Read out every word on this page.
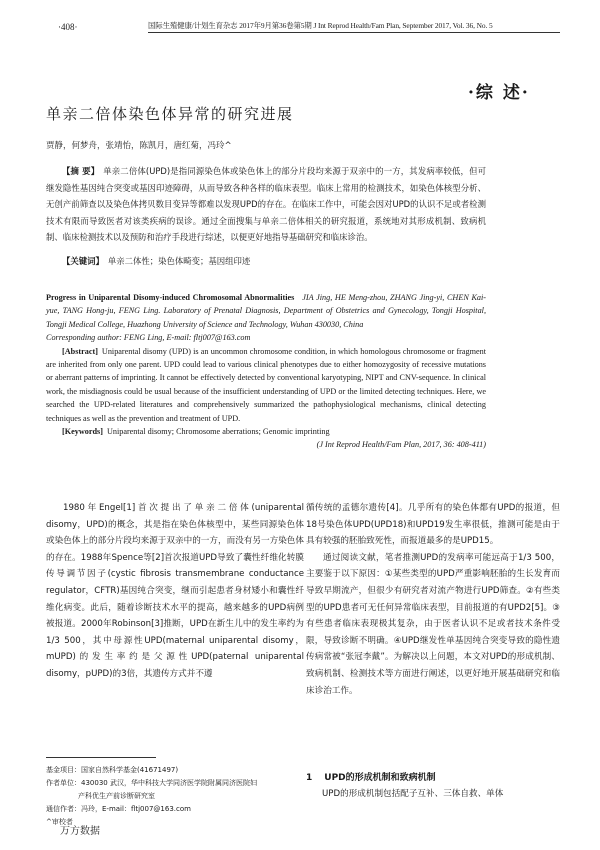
·408·	国际生殖健康/计划生育杂志 2017年9月第36卷第5期 J Int Reprod Health/Fam Plan, September 2017, Vol. 36, No. 5
·综 述·
单亲二倍体染色体异常的研究进展
贾静，何梦舟，张靖怡，陈凯月，唐红菊，冯玲^
【摘 要】 单亲二倍体(UPD)是指同源染色体或染色体上的部分片段均来源于双亲中的一方，其发病率较低，但可继发隐性基因纯合突变或基因印迹障碍，从而导致各种各样的临床表型。临床上常用的检测技术，如染色体核型分析、无创产前筛查以及染色体拷贝数目变异等都难以发现UPD的存在。在临床工作中，可能会因对UPD的认识不足或者检测技术有限而导致医者对该类疾病的误诊。通过全面搜集与单亲二倍体相关的研究报道，系统地对其形成机制、致病机制、临床检测技术以及预防和治疗手段进行综述，以便更好地指导基础研究和临床诊治。
【关键词】 单亲二体性；染色体畸变；基因组印迹
Progress in Uniparental Disomy-induced Chromosomal Abnormalities JIA Jing, HE Meng-zhou, ZHANG Jing-yi, CHEN Kai-yue, TANG Hong-ju, FENG Ling. Laboratory of Prenatal Diagnosis, Department of Obstetrics and Gynecology, Tongji Hospital, Tongji Medical College, Huazhong University of Science and Technology, Wuhan 430030, China
Corresponding author: FENG Ling, E-mail: fltj007@163.com
[Abstract] Uniparental disomy (UPD) is an uncommon chromosome condition, in which homologous chromosome or fragment are inherited from only one parent. UPD could lead to various clinical phenotypes due to either homozygosity of recessive mutations or aberrant patterns of imprinting. It cannot be effectively detected by conventional karyotyping, NIPT and CNV-sequence. In clinical work, the misdiagnosis could be usual because of the insufficient understanding of UPD or the limited detecting techniques. Here, we searched the UPD-related literatures and comprehensively summarized the pathophysiological mechanisms, clinical detecting techniques as well as the prevention and treatment of UPD.
[Keywords] Uniparental disomy; Chromosome aberrations; Genomic imprinting
(J Int Reprod Health/Fam Plan, 2017, 36: 408-411)

1980年Engel[1]首次提出了单亲二倍体(uniparental disomy，UPD)的概念，其是指在染色体核型中，某些同源染色体或染色体上的部分片段均来源于双亲中的一方，而没有另一方染色体的存在。1988年Spence等[2]首次报道UPD导致了囊性纤维化转膜传导调节因子(cystic fibrosis transmembrane conductance regulator，CFTR)基因纯合突变，继而引起患者身材矮小和囊性纤维化病变。此后，随着诊断技术水平的提高，越来越多的UPD病例被报道。2000年Robinson[3]推断，UPD在新生儿中的发生率约为1/3 500，其中母源性UPD(maternal uniparental disomy，mUPD)的发生率约是父源性UPD(paternal uniparental disomy，pUPD)的3倍，其遗传方式并不遵

循传统的孟德尔遗传[4]。几乎所有的染色体都有UPD的报道，但18号染色体UPD(UPD18)和UPD19发生率很低，推测可能是由于具有较强的胚胎致死性，而报道最多的是UPD15。

通过阅读文献，笔者推测UPD的发病率可能远高于1/3 500，主要鉴于以下原因：①某些类型的UPD严重影响胚胎的生长发育而导致早期流产，但很少有研究者对流产物进行UPD筛查。②有些类型的UPD患者可无任何异常临床表型，目前报道的有UPD2[5]。③有些患者临床表现极其复杂，由于医者认识不足或者技术条件受限，导致诊断不明确。④UPD继发性单基因纯合突变导致的隐性遗传病常被“张冠李戴”。为解决以上问题，本文对UPD的形成机制、致病机制、检测技术等方面进行阐述，以更好地开展基础研究和临床诊治工作。

基金项目：国家自然科学基金(41671497)
作者单位：430030 武汉，华中科技大学同济医学院附属同济医院妇
产科优生产前诊断研究室
通信作者：冯玲，E-mail：fltj007@163.com
^审校者
1 UPD的形成机制和致病机制
UPD的形成机制包括配子互补、三体自救、单体
万方数据
